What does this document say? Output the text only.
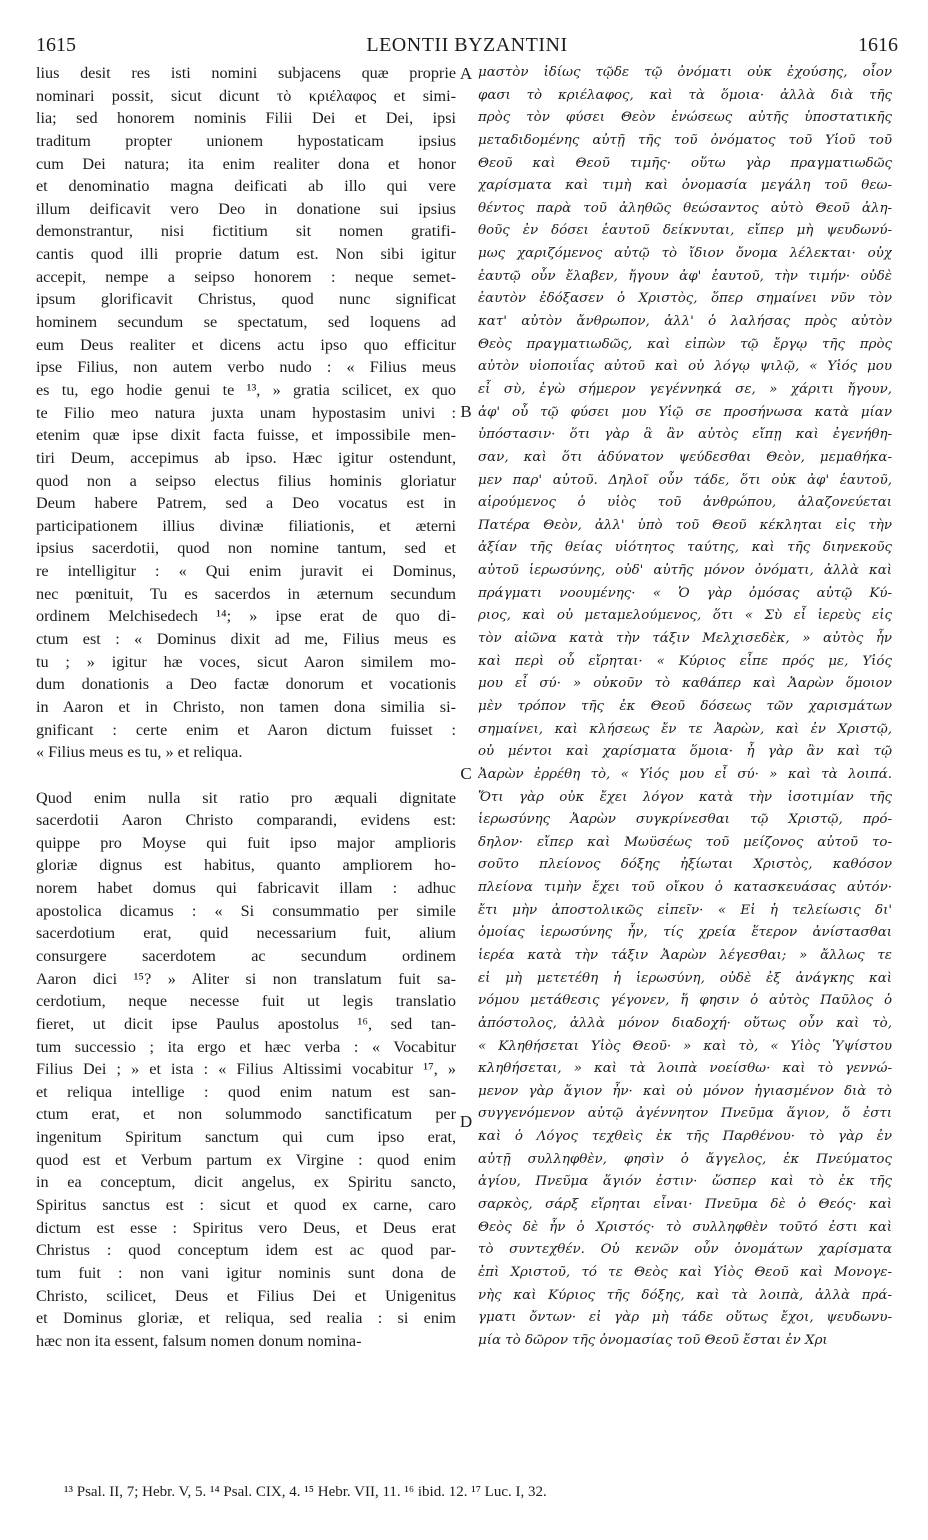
1615	LEONTII BYZANTINI	1616
lius desit res isti nomini subjacens quæ proprie
nominari possit, sicut dicunt τὸ κριέλαφος et simi-
lia; sed honorem nominis Filii Dei et Dei, ipsi
traditum propter unionem hypostaticam ipsius
cum Dei natura; ita enim realiter dona et honor
et denominatio magna deificati ab illo qui vere
illum deificavit vero Deo in donatione sui ipsius
demonstrantur, nisi fictitium sit nomen gratifi-
cantis quod illi proprie datum est. Non sibi igitur
accepit, nempe a seipso honorem : neque semet-
ipsum glorificavit Christus, quod nunc significat
hominem secundum se spectatum, sed loquens ad
eum Deus realiter et dicens actu ipso quo efficitur
ipse Filius, non autem verbo nudo : « Filius meus
es tu, ego hodie genui te ¹³, » gratia scilicet, ex quo
te Filio meo natura juxta unam hypostasim univi :
etenim quæ ipse dixit facta fuisse, et impossibile men-
tiri Deum, accepimus ab ipso. Hæc igitur ostendunt,
quod non a seipso electus filius hominis gloriatur
Deum habere Patrem, sed a Deo vocatus est in
participationem illius divinæ filiationis, et æterni
ipsius sacerdotii, quod non nomine tantum, sed et
re intelligitur : « Qui enim juravit ei Dominus,
nec pœnituit, Tu es sacerdos in æternum secundum
ordinem Melchisedech ¹⁴; » ipse erat de quo di-
ctum est : « Dominus dixit ad me, Filius meus es
tu ; » igitur hæ voces, sicut Aaron similem mo-
dum donationis a Deo factæ donorum et vocationis
in Aaron et in Christo, non tamen dona similia si-
gnificant : certe enim et Aaron dictum fuisset :
« Filius meus es tu, » et reliqua.
Quod enim nulla sit ratio pro æquali dignitate
sacerdotii Aaron Christo comparandi, evidens est:
quippe pro Moyse qui fuit ipso major amplioris
gloriæ dignus est habitus, quanto ampliorem ho-
norem habet domus qui fabricavit illam : adhuc
apostolica dicamus : « Si consummatio per simile
sacerdotium erat, quid necessarium fuit, alium
consurgere sacerdotem ac secundum ordinem
Aaron dici ¹⁵? » Aliter si non translatum fuit sa-
cerdotium, neque necesse fuit ut legis translatio
fieret, ut dicit ipse Paulus apostolus ¹⁶, sed tan-
tum successio ; ita ergo et hæc verba : « Vocabitur
Filius Dei ; » et ista : « Filius Altissimi vocabitur ¹⁷, »
et reliqua intellige : quod enim natum est san-
ctum erat, et non solummodo sanctificatum per
ingenitum Spiritum sanctum qui cum ipso erat,
quod est et Verbum partum ex Virgine : quod enim
in ea conceptum, dicit angelus, ex Spiritu sancto,
Spiritus sanctus est : sicut et quod ex carne, caro
dictum est esse : Spiritus vero Deus, et Deus erat
Christus : quod conceptum idem est ac quod par-
tum fuit : non vani igitur nominis sunt dona de
Christo, scilicet, Deus et Filius Dei et Unigenitus
et Dominus gloriæ, et reliqua, sed realia : si enim
hæc non ita essent, falsum nomen donum nomina-
μαστὸν ἰδίως τῷδε τῷ ὀνόματι οὐκ ἐχούσης, οἷον
φασι τὸ κριέλαφος, καὶ τὰ ὅμοια· ἀλλὰ διὰ τῆς
πρὸς τὸν φύσει Θεὸν ἑνώσεως αὐτῆς ὑποστατικῆς
μεταδιδομένης αὐτῇ τῆς τοῦ ὀνόματος τοῦ Υἱοῦ τοῦ
Θεοῦ καὶ Θεοῦ τιμῆς· οὕτω γὰρ πραγματιωδῶς
χαρίσματα καὶ τιμὴ καὶ ὀνομασία μεγάλη τοῦ θεω-
θέντος παρὰ τοῦ ἀληθῶς θεώσαντος αὐτὸ Θεοῦ ἀλη-
θοῦς ἐν δόσει ἑαυτοῦ δείκνυται, εἴπερ μὴ ψευδωνύ-
μως χαριζόμενος αὐτῷ τὸ ἴδιον ὄνομα λέλεκται· οὐχ
ἑαυτῷ οὖν ἔλαβεν, ἤγουν ἀφ' ἑαυτοῦ, τὴν τιμήν· οὐδὲ
ἑαυτὸν ἐδόξασεν ὁ Χριστὸς, ὅπερ σημαίνει νῦν τὸν
κατ' αὐτὸν ἄνθρωπον, ἀλλ' ὁ λαλήσας πρὸς αὐτὸν
Θεὸς πραγματιωδῶς, καὶ εἰπὼν τῷ ἔργῳ τῆς πρὸς
αὐτὸν υἱοποιΐας αὐτοῦ καὶ οὐ λόγῳ ψιλῷ, « Υἱός μου
εἶ σὺ, ἐγὼ σήμερον γεγέννηκά σε, » χάριτι ἤγουν,
ἀφ' οὗ τῷ φύσει μου Υἱῷ σε προσήνωσα κατὰ μίαν
ὑπόστασιν· ὅτι γὰρ ἃ ἂν αὐτὸς εἴπῃ καὶ ἐγενήθη-
σαν, καὶ ὅτι ἀδύνατον ψεύδεσθαι Θεὸν, μεμαθήκα-
μεν παρ' αὐτοῦ. Δηλοῖ οὖν τάδε, ὅτι οὐκ ἀφ' ἑαυτοῦ,
αἱρούμενος ὁ υἱὸς τοῦ ἀνθρώπου, ἀλαζονεύεται
Πατέρα Θεὸν, ἀλλ' ὑπὸ τοῦ Θεοῦ κέκληται εἰς τὴν
ἀξίαν τῆς θείας υἱότητος ταύτης, καὶ τῆς διηνεκοῦς
αὐτοῦ ἱερωσύνης, οὐδ' αὐτῆς μόνον ὀνόματι, ἀλλὰ καὶ
πράγματι νοουμένης· « Ὁ γὰρ ὀμόσας αὐτῷ Κύ-
ριος, καὶ οὐ μεταμελούμενος, ὅτι « Σὺ εἶ ἱερεὺς εἰς
τὸν αἰῶνα κατὰ τὴν τάξιν Μελχισεδὲκ, » αὐτὸς ἦν
καὶ περὶ οὗ εἴρηται· « Κύριος εἶπε πρός με, Υἱός
μου εἶ σύ· » οὐκοῦν τὸ καθάπερ καὶ Ἀαρὼν ὅμοιον
μὲν τρόπον τῆς ἐκ Θεοῦ δόσεως τῶν χαρισμάτων
σημαίνει, καὶ κλήσεως ἔν τε Ἀαρὼν, καὶ ἐν Χριστῷ,
οὐ μέντοι καὶ χαρίσματα ὅμοια· ἦ γὰρ ἂν καὶ τῷ
Ἀαρὼν ἐρρέθη τὸ, « Υἱός μου εἶ σύ· » καὶ τὰ λοιπά.
Ὅτι γὰρ οὐκ ἔχει λόγον κατὰ τὴν ἰσοτιμίαν τῆς
ἱερωσύνης Ἀαρὼν συγκρίνεσθαι τῷ Χριστῷ, πρό-
δηλον· εἴπερ καὶ Μωϋσέως τοῦ μείζονος αὐτοῦ το-
σοῦτο πλείονος δόξης ἠξίωται Χριστὸς, καθόσον
πλείονα τιμὴν ἔχει τοῦ οἴκου ὁ κατασκευάσας αὐτόν·
ἔτι μὴν ἀποστολικῶς εἰπεῖν· « Εἰ ἡ τελείωσις δι'
ὁμοίας ἱερωσύνης ἦν, τίς χρεία ἕτερον ἀνίστασθαι
ἱερέα κατὰ τὴν τάξιν Ἀαρὼν λέγεσθαι; » ἄλλως τε
εἰ μὴ μετετέθη ἡ ἱερωσύνη, οὐδὲ ἐξ ἀνάγκης καὶ
νόμου μετάθεσις γέγονεν, ἥ φησιν ὁ αὐτὸς Παῦλος ὁ
ἀπόστολος, ἀλλὰ μόνον διαδοχή· οὕτως οὖν καὶ τὸ,
« Κληθήσεται Υἱὸς Θεοῦ· » καὶ τὸ, « Υἱὸς Ὑψίστου
κληθήσεται, » καὶ τὰ λοιπὰ νοείσθω· καὶ τὸ γεννώ-
μενον γὰρ ἅγιον ἦν· καὶ οὐ μόνον ἡγιασμένον διὰ τὸ
συγγενόμενον αὐτῷ ἀγέννητον Πνεῦμα ἅγιον, ὅ ἐστι
καὶ ὁ Λόγος τεχθεὶς ἐκ τῆς Παρθένου· τὸ γὰρ ἐν
αὐτῇ συλληφθὲν, φησὶν ὁ ἄγγελος, ἐκ Πνεύματος
ἁγίου, Πνεῦμα ἅγιόν ἐστιν· ὥσπερ καὶ τὸ ἐκ τῆς
σαρκὸς, σάρξ εἴρηται εἶναι· Πνεῦμα δὲ ὁ Θεός· καὶ
Θεὸς δὲ ἦν ὁ Χριστός· τὸ συλληφθὲν τοῦτό ἐστι καὶ
τὸ συντεχθέν. Οὐ κενῶν οὖν ὀνομάτων χαρίσματα
ἐπὶ Χριστοῦ, τό τε Θεὸς καὶ Υἱὸς Θεοῦ καὶ Μονογε-
νὴς καὶ Κύριος τῆς δόξης, καὶ τὰ λοιπὰ, ἀλλὰ πρά-
γματι ὄντων· εἰ γὰρ μὴ τάδε οὕτως ἔχοι, ψευδωνυ-
μία τὸ δῶρον τῆς ὀνομασίας τοῦ Θεοῦ ἔσται ἐν Χρι
A
B
C
D
¹³ Psal. II, 7; Hebr. V, 5. ¹⁴ Psal. CIX, 4. ¹⁵ Hebr. VII, 11. ¹⁶ ibid. 12. ¹⁷ Luc. I, 32.
